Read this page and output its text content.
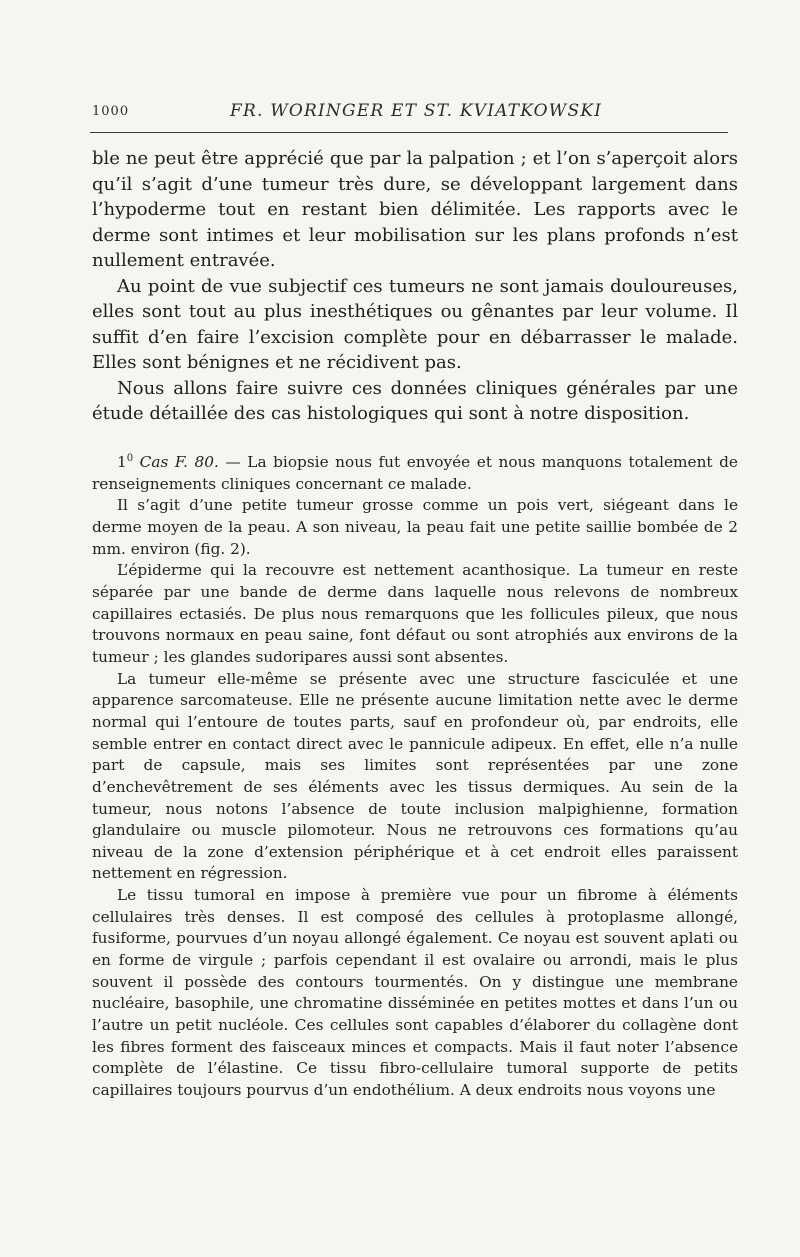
1000	FR. WORINGER ET ST. KVIATKOWSKI

ble ne peut être apprécié que par la palpation ; et l’on s’aperçoit alors qu’il s’agit d’une tumeur très dure, se développant largement dans l’hypoderme tout en restant bien délimitée. Les rapports avec le derme sont intimes et leur mobilisation sur les plans profonds n’est nullement entravée.

Au point de vue subjectif ces tumeurs ne sont jamais douloureuses, elles sont tout au plus inesthétiques ou gênantes par leur volume. Il suffit d’en faire l’excision complète pour en débarrasser le malade. Elles sont bénignes et ne récidivent pas.

Nous allons faire suivre ces données cliniques générales par une étude détaillée des cas histologiques qui sont à notre disposition.

$1^0$ Cas F. 80. — La biopsie nous fut envoyée et nous manquons totalement de renseignements cliniques concernant ce malade.

Il s’agit d’une petite tumeur grosse comme un pois vert, siégeant dans le derme moyen de la peau. A son niveau, la peau fait une petite saillie bombée de 2 mm. environ (fig. 2).

L’épiderme qui la recouvre est nettement acanthosique. La tumeur en reste séparée par une bande de derme dans laquelle nous relevons de nombreux capillaires ectasiés. De plus nous remarquons que les follicules pileux, que nous trouvons normaux en peau saine, font défaut ou sont atrophiés aux environs de la tumeur ; les glandes sudoripares aussi sont absentes.

La tumeur elle-même se présente avec une structure fasciculée et une apparence sarcomateuse. Elle ne présente aucune limitation nette avec le derme normal qui l’entoure de toutes parts, sauf en profondeur où, par endroits, elle semble entrer en contact direct avec le pannicule adipeux. En effet, elle n’a nulle part de capsule, mais ses limites sont représentées par une zone d’enchevêtrement de ses éléments avec les tissus dermiques. Au sein de la tumeur, nous notons l’absence de toute inclusion malpighienne, formation glandulaire ou muscle pilomoteur. Nous ne retrouvons ces formations qu’au niveau de la zone d’extension périphérique et à cet endroit elles paraissent nettement en régression.

Le tissu tumoral en impose à première vue pour un fibrome à éléments cellulaires très denses. Il est composé des cellules à protoplasme allongé, fusiforme, pourvues d’un noyau allongé également. Ce noyau est souvent aplati ou en forme de virgule ; parfois cependant il est ovalaire ou arrondi, mais le plus souvent il possède des contours tourmentés. On y distingue une membrane nucléaire, basophile, une chromatine disséminée en petites mottes et dans l’un ou l’autre un petit nucléole. Ces cellules sont capables d’élaborer du collagène dont les fibres forment des faisceaux minces et compacts. Mais il faut noter l’absence complète de l’élastine. Ce tissu fibro-cellulaire tumoral supporte de petits capillaires toujours pourvus d’un endothélium. A deux endroits nous voyons une
